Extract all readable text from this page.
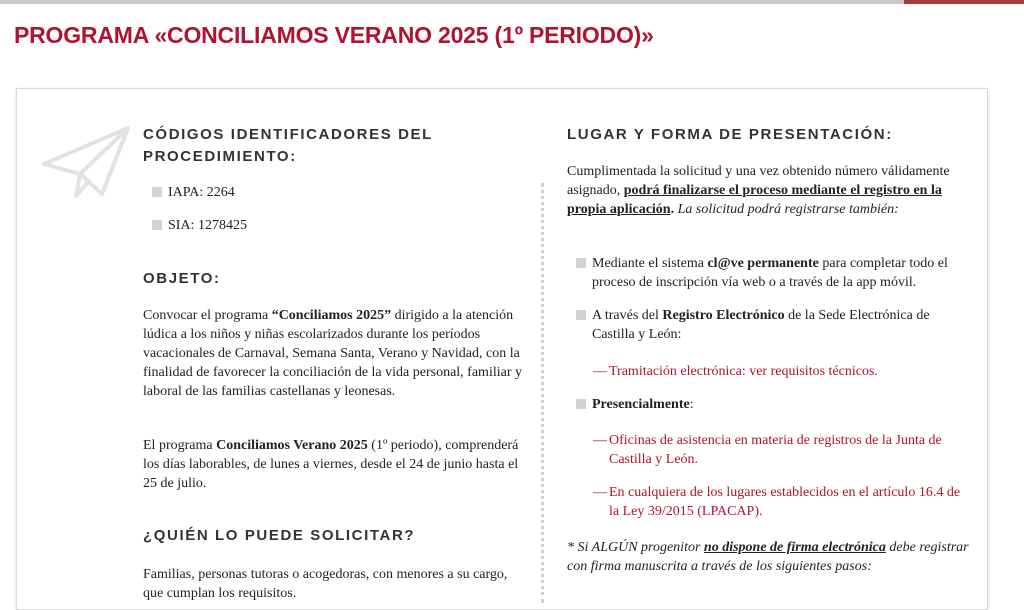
PROGRAMA «CONCILIAMOS VERANO 2025 (1º PERIODO)»
CÓDIGOS IDENTIFICADORES DEL PROCEDIMIENTO:
IAPA: 2264
SIA: 1278425
OBJETO:

Convocar el programa “Conciliamos 2025” dirigido a la atención lúdica a los niños y niñas escolarizados durante los períodos vacacionales de Carnaval, Semana Santa, Verano y Navidad, con la finalidad de favorecer la conciliación de la vida personal, familiar y laboral de las familias castellanas y leonesas.

El programa Conciliamos Verano 2025 (1º periodo), comprenderá los días laborables, de lunes a viernes, desde el 24 de junio hasta el 25 de julio.

¿QUIÉN LO PUEDE SOLICITAR?

Familias, personas tutoras o acogedoras, con menores a su cargo, que cumplan los requisitos.

LUGAR Y FORMA DE PRESENTACIÓN:

Cumplimentada la solicitud y una vez obtenido número válidamente asignado, podrá finalizarse el proceso mediante el registro en la propia aplicación. La solicitud podrá registrarse también:

Mediante el sistema cl@ve permanente para completar todo el proceso de inscripción vía web o a través de la app móvil.

A través del Registro Electrónico de la Sede Electrónica de Castilla y León:

— Tramitación electrónica: ver requisitos técnicos.

Presencialmente:

— Oficinas de asistencia en materia de registros de la Junta de Castilla y León.
— En cualquiera de los lugares establecidos en el artículo 16.4 de la Ley 39/2015 (LPACAP).

* Si ALGÚN progenitor no dispone de firma electrónica debe registrar con firma manuscrita a través de los siguientes pasos:
